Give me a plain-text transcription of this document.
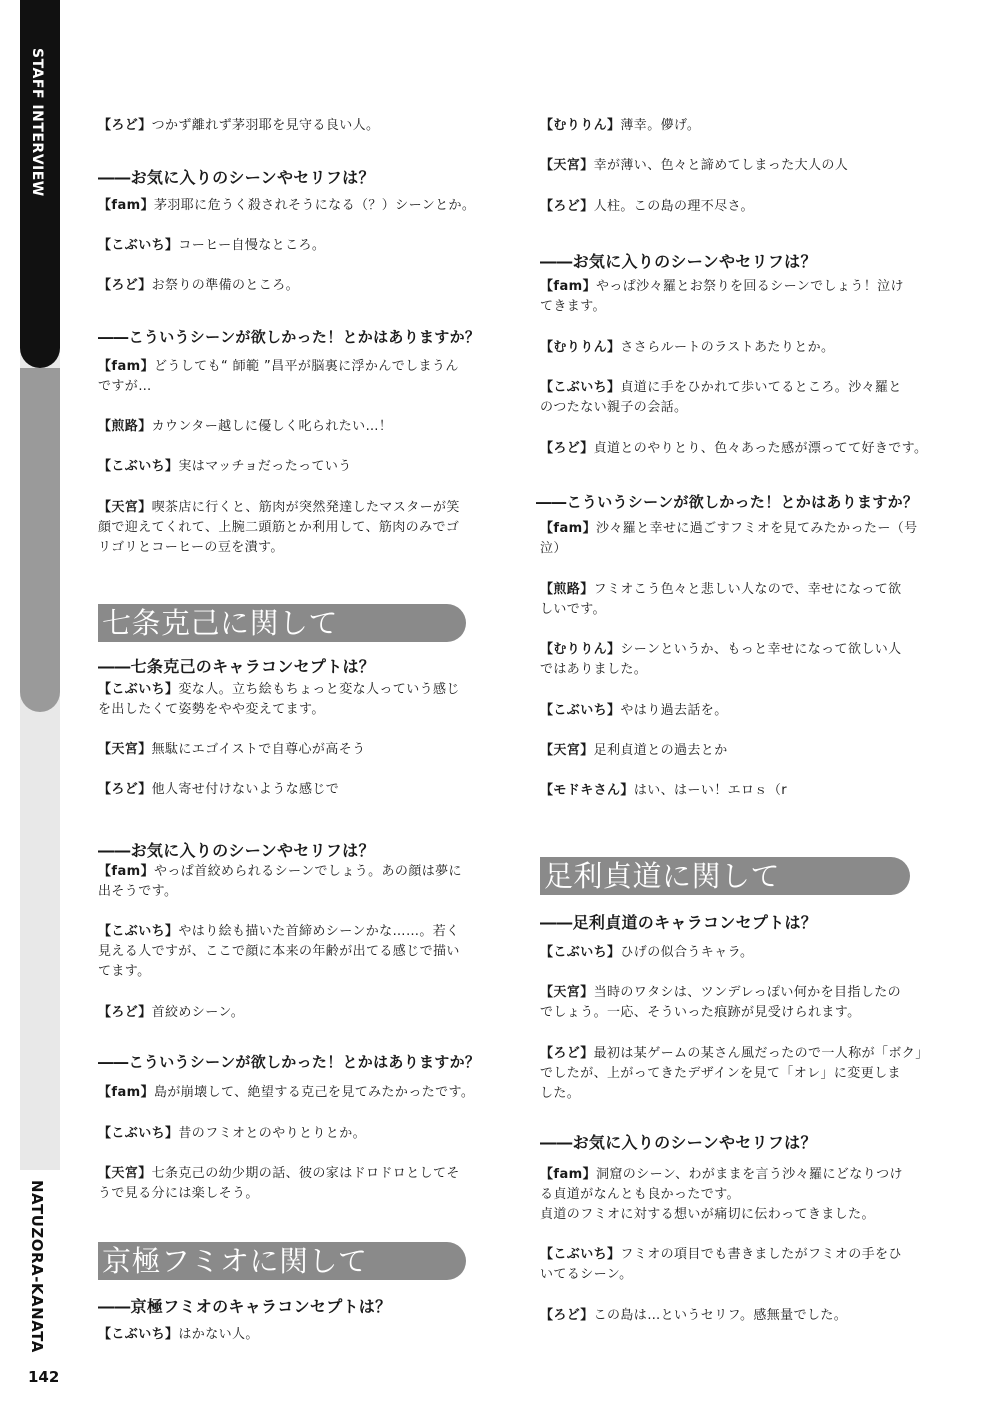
STAFF INTERVIEW
NATUZORA-KANATA
142
【ろど】つかず離れず茅羽耶を見守る良い人。
――お気に入りのシーンやセリフは？
【fam】茅羽耶に危うく殺されそうになる（？）シーンとか。
【こぶいち】コーヒー自慢なところ。
【ろど】お祭りの準備のところ。
――こういうシーンが欲しかった！とかはありますか？
【fam】どうしても“ 師範 ”昌平が脳裏に浮かんでしまうん
ですが…
【煎路】カウンター越しに優しく叱られたい…！
【こぶいち】実はマッチョだったっていう
【天宮】喫茶店に行くと、筋肉が突然発達したマスターが笑
顔で迎えてくれて、上腕二頭筋とか利用して、筋肉のみでゴ
リゴリとコーヒーの豆を潰す。
七条克己に関して
――七条克己のキャラコンセプトは？
【こぶいち】変な人。立ち絵もちょっと変な人っていう感じ
を出したくて姿勢をやや変えてます。
【天宮】無駄にエゴイストで自尊心が高そう
【ろど】他人寄せ付けないような感じで
――お気に入りのシーンやセリフは？
【fam】やっぱ首絞められるシーンでしょう。あの顔は夢に
出そうです。
【こぶいち】やはり絵も描いた首締めシーンかな……。若く
見える人ですが、ここで顔に本来の年齢が出てる感じで描い
てます。
【ろど】首絞めシーン。
――こういうシーンが欲しかった！とかはありますか？
【fam】島が崩壊して、絶望する克己を見てみたかったです。
【こぶいち】昔のフミオとのやりとりとか。
【天宮】七条克己の幼少期の話、彼の家はドロドロとしてそ
うで見る分には楽しそう。
京極フミオに関して
――京極フミオのキャラコンセプトは？
【こぶいち】はかない人。
【むりりん】薄幸。儚げ。
【天宮】幸が薄い、色々と諦めてしまった大人の人
【ろど】人柱。この島の理不尽さ。
――お気に入りのシーンやセリフは？
【fam】やっぱ沙々羅とお祭りを回るシーンでしょう！泣け
てきます。
【むりりん】ささらルートのラストあたりとか。
【こぶいち】貞道に手をひかれて歩いてるところ。沙々羅と
のつたない親子の会話。
【ろど】貞道とのやりとり、色々あった感が漂ってて好きです。
――こういうシーンが欲しかった！とかはありますか？
【fam】沙々羅と幸せに過ごすフミオを見てみたかったー（号
泣）
【煎路】フミオこう色々と悲しい人なので、幸せになって欲
しいです。
【むりりん】シーンというか、もっと幸せになって欲しい人
ではありました。
【こぶいち】やはり過去話を。
【天宮】足利貞道との過去とか
【モドキさん】はい、はーい！エロｓ（r
足利貞道に関して
――足利貞道のキャラコンセプトは？
【こぶいち】ひげの似合うキャラ。
【天宮】当時のワタシは、ツンデレっぽい何かを目指したの
でしょう。一応、そういった痕跡が見受けられます。
【ろど】最初は某ゲームの某さん風だったので一人称が「ボク」
でしたが、上がってきたデザインを見て「オレ」に変更しま
した。
――お気に入りのシーンやセリフは？
【fam】洞窟のシーン、わがままを言う沙々羅にどなりつけ
る貞道がなんとも良かったです。
貞道のフミオに対する想いが痛切に伝わってきました。
【こぶいち】フミオの項目でも書きましたがフミオの手をひ
いてるシーン。
【ろど】この島は…というセリフ。感無量でした。
